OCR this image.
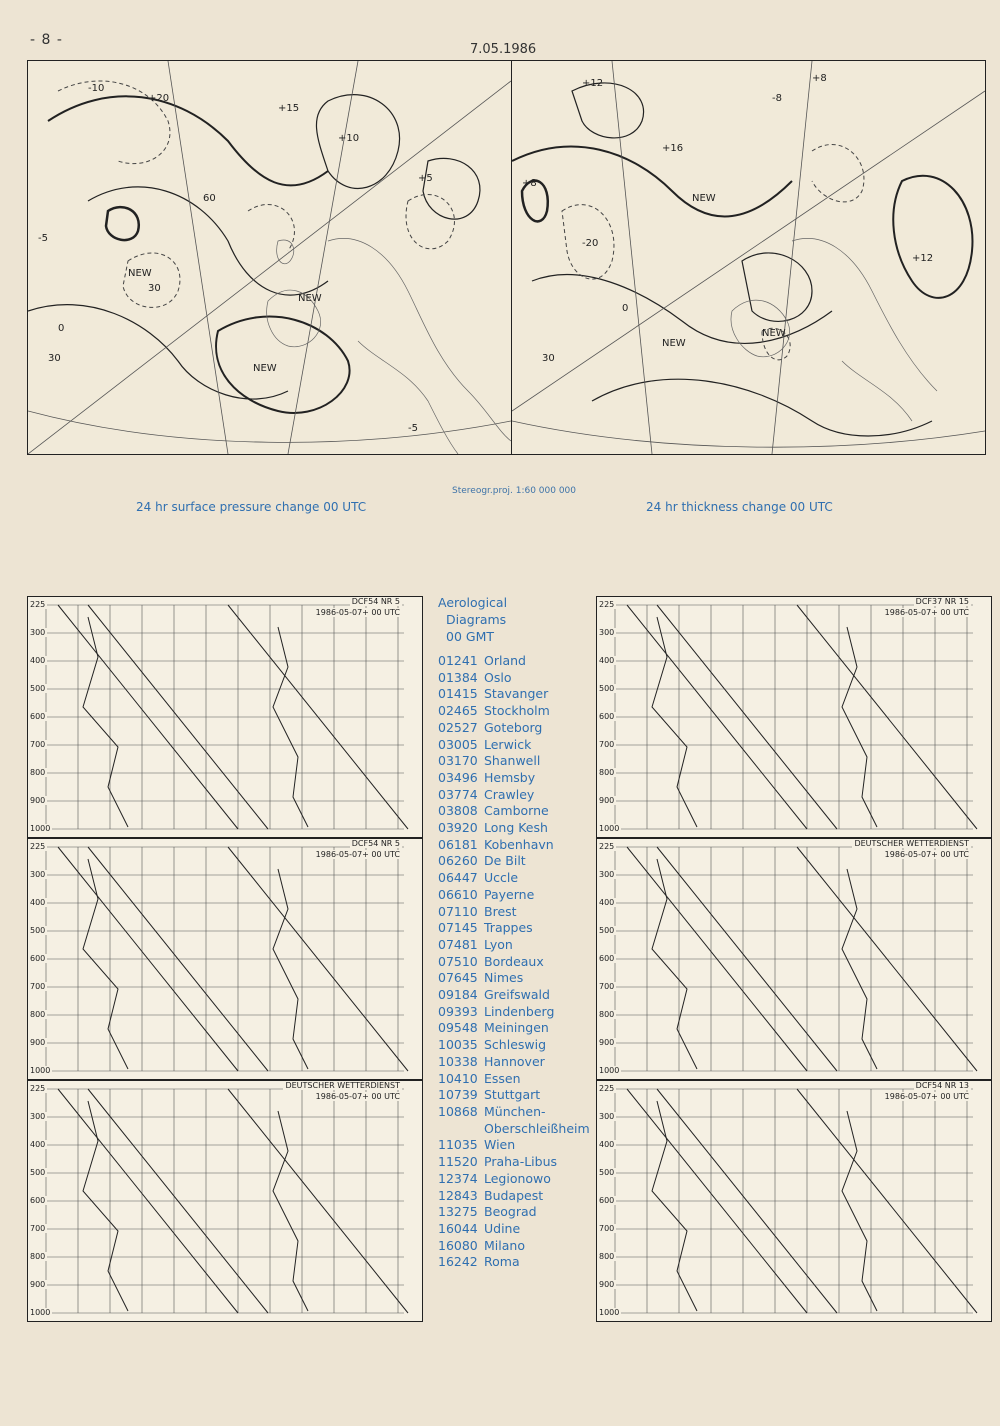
- 8 -
7.05.1986
-10
+20
+15
+10
-5
NEW
NEW
NEW
+5
0
60
30
-5
30
+12
+16
-8
+8
-20
NEW
NEW
NEW
+12
+8
0
30
24 hr surface pressure change 00 UTC
Stereogr.proj. 1:60 000 000
24 hr thickness change 00 UTC
225
300
400
500
600
700
800
900
1000
DCF54 NR 5
1986-05-07+ 00 UTC
225
300
400
500
600
700
800
900
1000
DCF37 NR 15
1986-05-07+ 00 UTC
225
300
400
500
600
700
800
900
1000
DCF54 NR 5
1986-05-07+ 00 UTC
225
300
400
500
600
700
800
900
1000
DEUTSCHER WETTERDIENST
1986-05-07+ 00 UTC
225
300
400
500
600
700
800
900
1000
DEUTSCHER WETTERDIENST
1986-05-07+ 00 UTC
225
300
400
500
600
700
800
900
1000
DCF54 NR 13
1986-05-07+ 00 UTC
Aerological
Diagrams
00 GMT
01241 Orland
01384 Oslo
01415 Stavanger
02465 Stockholm
02527 Goteborg
03005 Lerwick
03170 Shanwell
03496 Hemsby
03774 Crawley
03808 Camborne
03920 Long Kesh
06181 Kobenhavn
06260 De Bilt
06447 Uccle
06610 Payerne
07110 Brest
07145 Trappes
07481 Lyon
07510 Bordeaux
07645 Nimes
09184 Greifswald
09393 Lindenberg
09548 Meiningen
10035 Schleswig
10338 Hannover
10410 Essen
10739 Stuttgart
10868 München-
Oberschleißheim
11035 Wien
11520 Praha-Libus
12374 Legionowo
12843 Budapest
13275 Beograd
16044 Udine
16080 Milano
16242 Roma
